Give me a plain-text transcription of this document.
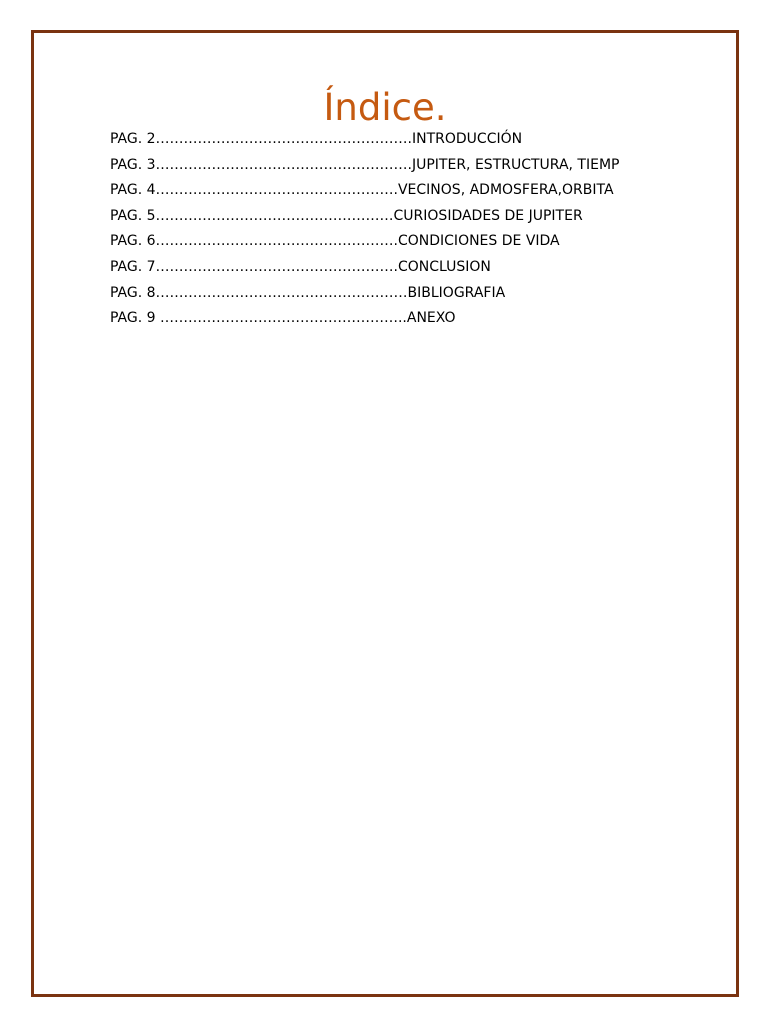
Índice.
PAG. 2……………………………………………….INTRODUCCIÓN
PAG. 3……………………………………………….JUPITER, ESTRUCTURA, TIEMP
PAG. 4…………………………………………….VECINOS, ADMOSFERA,ORBITA
PAG. 5……………………………………………CURIOSIDADES DE JUPITER
PAG. 6…………………………………………….CONDICIONES DE VIDA
PAG. 7…………………………………………….CONCLUSION
PAG. 8………………………………………………BIBLIOGRAFIA
PAG. 9 ……………………………………………..ANEXO
